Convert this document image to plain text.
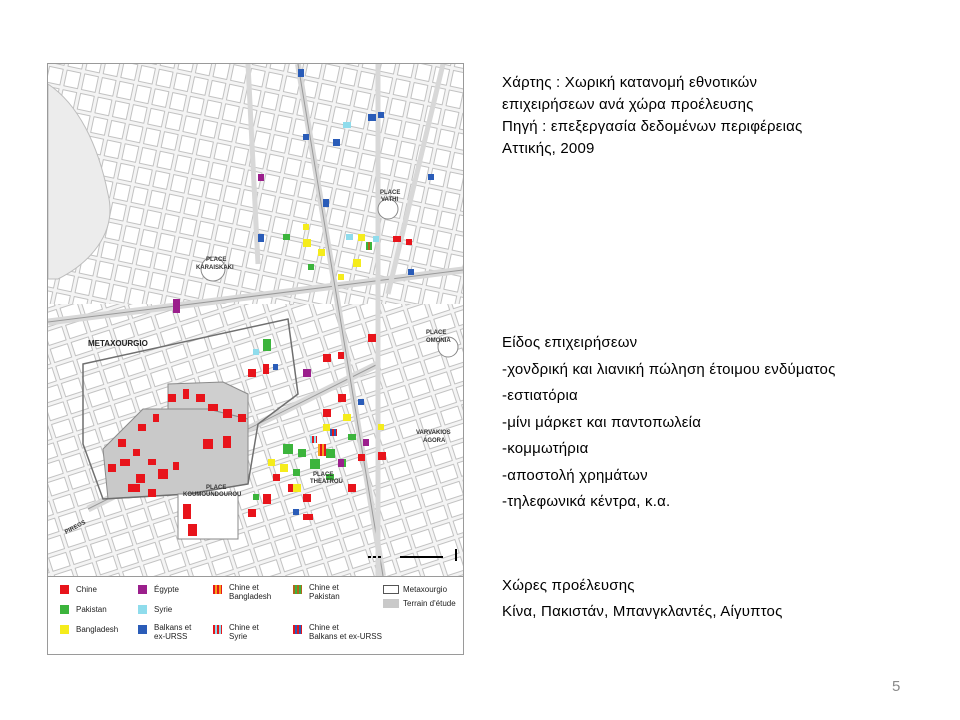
PLACE
VATHI
PLACE
KARAISKAKI
PLACE
OMONIA
METAXOURGIO
VARVAKIOS
AGORA
PLACE
KOUMOUNDOUROU
PLACE
THEATROU
PIREOS
Chine
Pakistan
Bangladesh
Égypte
Syrie
Balkans et
ex-URSS
Chine et
Bangladesh
Chine et
Syrie
Chine et
Pakistan
Chine et
Balkans et ex-URSS
Metaxourgio
Terrain d'étude
Χάρτης : Χωρική κατανομή εθνοτικών
επιχειρήσεων ανά χώρα προέλευσης
Πηγή : επεξεργασία δεδομένων περιφέρειας
Αττικής, 2009
Είδος επιχειρήσεων
-χονδρική και λιανική πώληση έτοιμου ενδύματος
-εστιατόρια
-μίνι μάρκετ και παντοπωλεία
-κομμωτήρια
-αποστολή χρημάτων
-τηλεφωνικά κέντρα, κ.α.
Χώρες προέλευσης
Κίνα, Πακιστάν, Μπανγκλαντές, Αίγυπτος
5
